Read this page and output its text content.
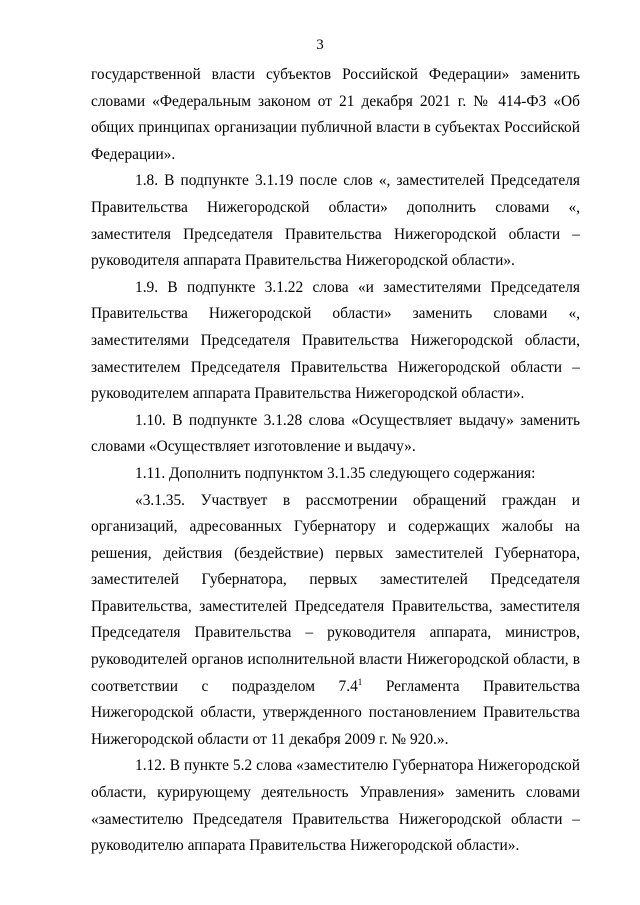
3

государственной власти субъектов Российской Федерации» заменить словами «Федеральным законом от 21 декабря 2021 г. № 414-ФЗ «Об общих принципах организации публичной власти в субъектах Российской Федерации».

1.8. В подпункте 3.1.19 после слов «, заместителей Председателя Правительства Нижегородской области» дополнить словами «, заместителя Председателя Правительства Нижегородской области – руководителя аппарата Правительства Нижегородской области».

1.9. В подпункте 3.1.22 слова «и заместителями Председателя Правительства Нижегородской области» заменить словами «, заместителями Председателя Правительства Нижегородской области, заместителем Председателя Правительства Нижегородской области – руководителем аппарата Правительства Нижегородской области».

1.10. В подпункте 3.1.28 слова «Осуществляет выдачу» заменить словами «Осуществляет изготовление и выдачу».

1.11. Дополнить подпунктом 3.1.35 следующего содержания:

«3.1.35. Участвует в рассмотрении обращений граждан и организаций, адресованных Губернатору и содержащих жалобы на решения, действия (бездействие) первых заместителей Губернатора, заместителей Губернатора, первых заместителей Председателя Правительства, заместителей Председателя Правительства, заместителя Председателя Правительства – руководителя аппарата, министров, руководителей органов исполнительной власти Нижегородской области, в соответствии с подразделом $7.4^1$ Регламента Правительства Нижегородской области, утвержденного постановлением Правительства Нижегородской области от 11 декабря 2009 г. № 920.».

1.12. В пункте 5.2 слова «заместителю Губернатора Нижегородской области, курирующему деятельность Управления» заменить словами «заместителю Председателя Правительства Нижегородской области – руководителю аппарата Правительства Нижегородской области».
